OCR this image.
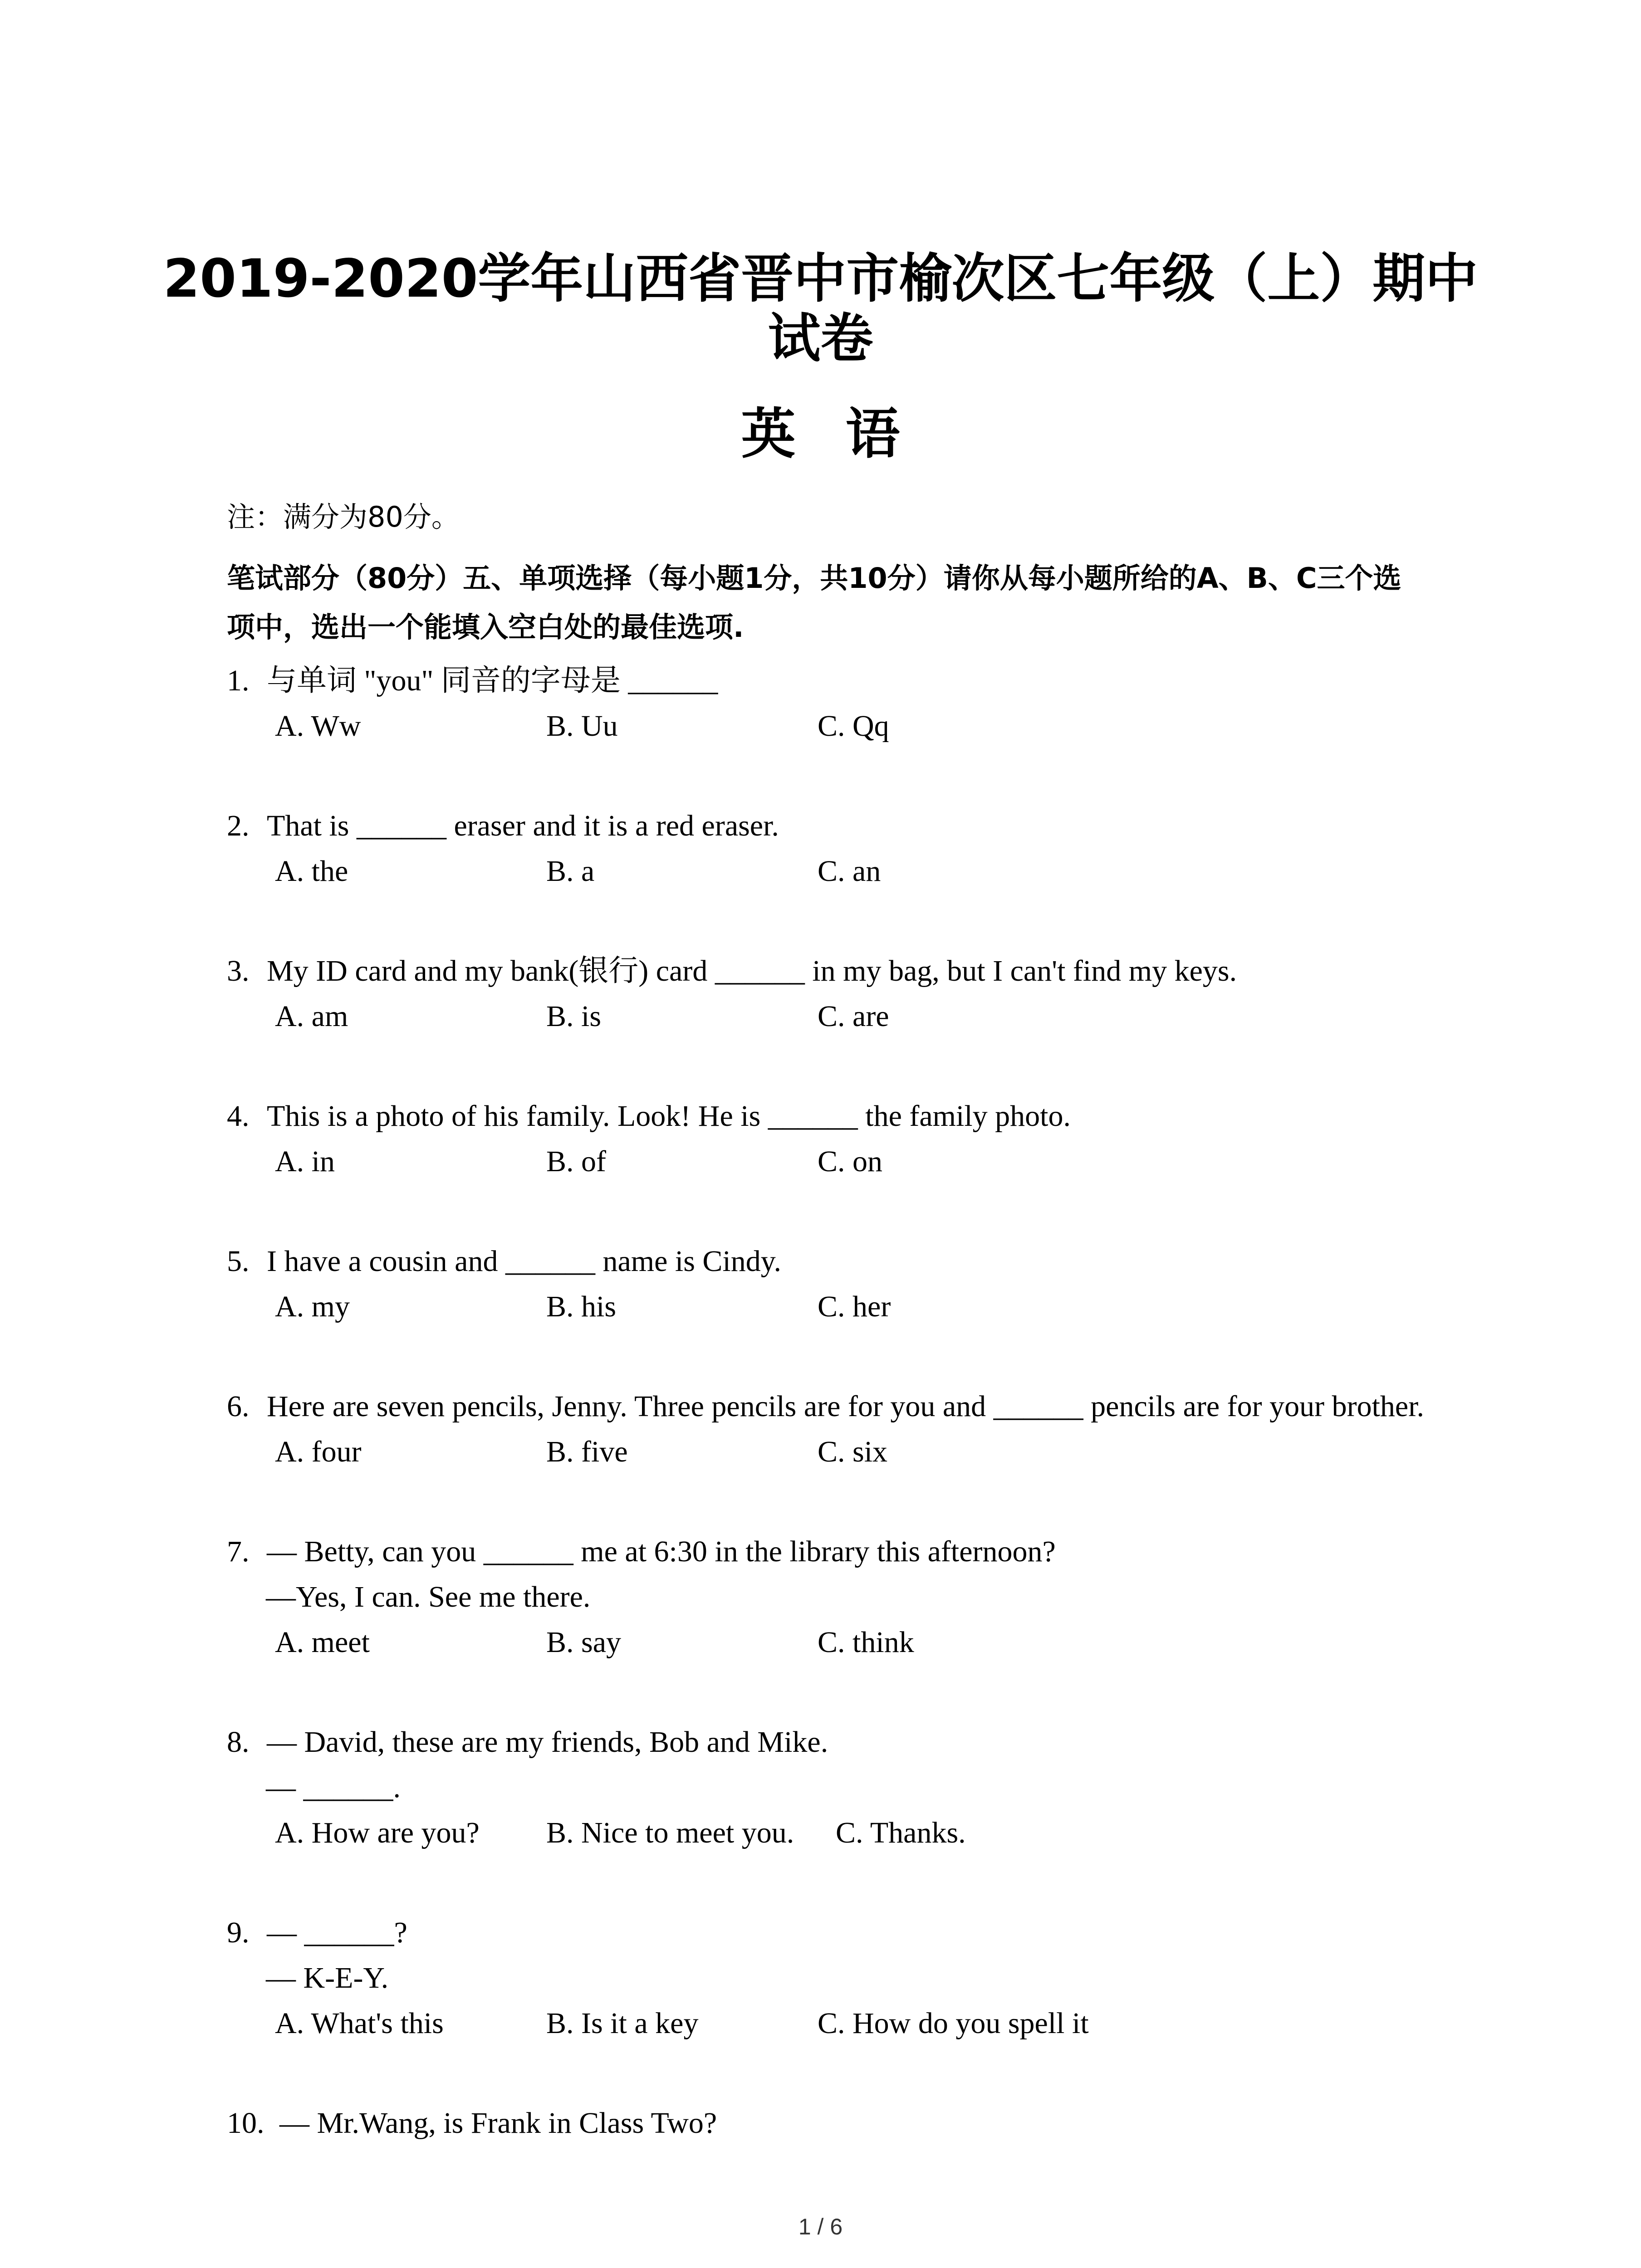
2019-2020学年山西省晋中市榆次区七年级（上）期中
试卷
英语
注：满分为80分。
笔试部分（80分）五、单项选择（每小题1分，共10分）请你从每小题所给的A、B、C三个选
项中，选出一个能填入空白处的最佳选项.
1. 与单词 "you" 同音的字母是 ______
A. Ww	B. Uu	C. Qq
2. That is ______ eraser and it is a red eraser.
A. the	B. a	C. an
3. My ID card and my bank(银行) card ______ in my bag, but I can't find my keys.
A. am	B. is	C. are
4. This is a photo of his family. Look! He is ______ the family photo.
A. in	B. of	C. on
5. I have a cousin and ______ name is Cindy.
A. my	B. his	C. her
6. Here are seven pencils, Jenny. Three pencils are for you and ______ pencils are for your brother.
A. four	B. five	C. six
7. — Betty, can you ______ me at 6:30 in the library this afternoon?
—Yes, I can. See me there.
A. meet	B. say	C. think
8. — David, these are my friends, Bob and Mike.
— ______.
A. How are you? B. Nice to meet you. C. Thanks.
9. — ______?
— K-E-Y.
A. What's this	B. Is it a key	C. How do you spell it
10. — Mr.Wang, is Frank in Class Two?
1 / 6
